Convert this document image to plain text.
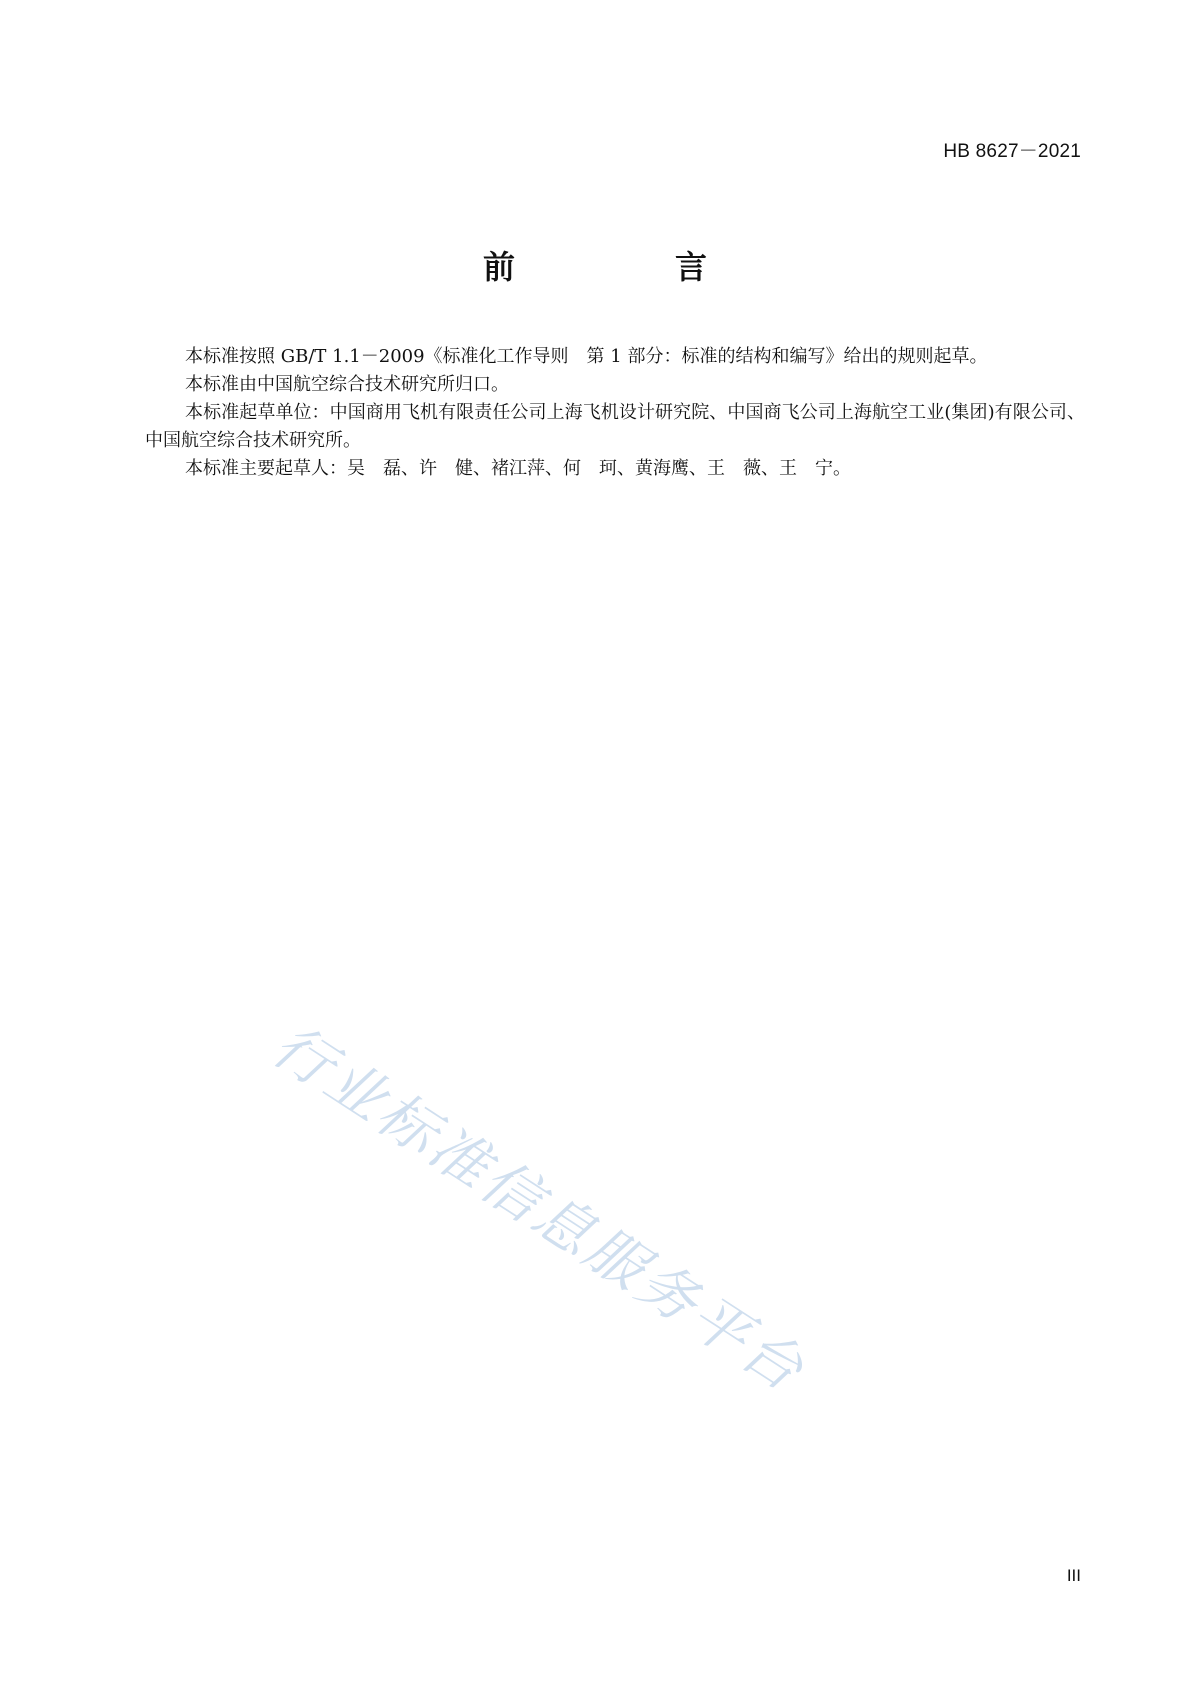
HB 8627－2021
前　言

本标准按照 GB/T 1.1－2009《标准化工作导则　第 1 部分：标准的结构和编写》给出的规则起草。

本标准由中国航空综合技术研究所归口。

本标准起草单位：中国商用飞机有限责任公司上海飞机设计研究院、中国商飞公司上海航空工业(集团)有限公司、中国航空综合技术研究所。

本标准主要起草人：吴　磊、许　健、褚江萍、何　珂、黄海鹰、王　薇、王　宁。

行业标准信息服务平台
III
